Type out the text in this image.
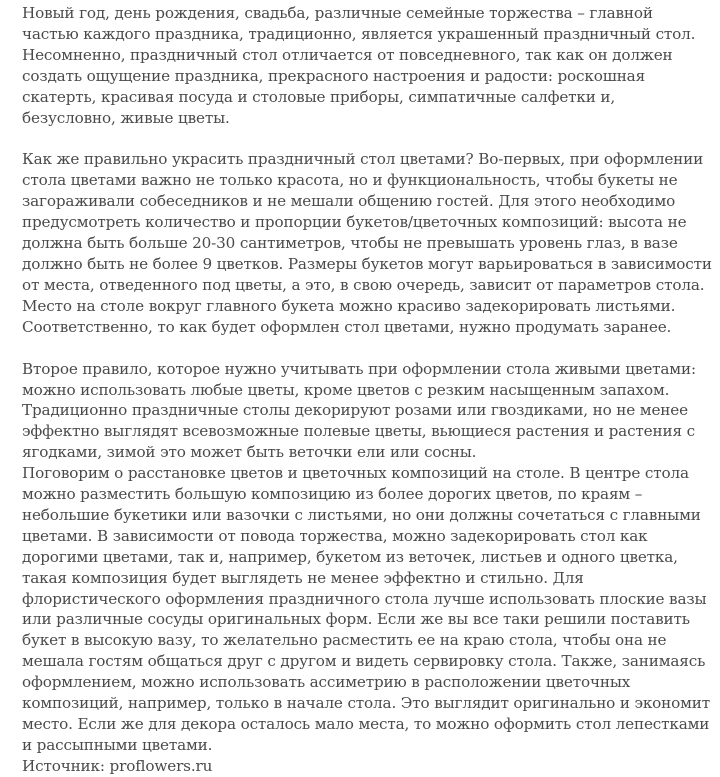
Новый год, день рождения, свадьба, различные семейные торжества – главной частью каждого праздника, традиционно, является украшенный праздничный стол. Несомненно, праздничный стол отличается от повседневного, так как он должен создать ощущение праздника, прекрасного настроения и радости: роскошная скатерть, красивая посуда и столовые приборы, симпатичные салфетки и, безусловно, живые цветы.

Как же правильно украсить праздничный стол цветами? Во-первых, при оформлении стола цветами важно не только красота, но и функциональность, чтобы букеты не загораживали собеседников и не мешали общению гостей. Для этого необходимо предусмотреть количество и пропорции букетов/цветочных композиций: высота не должна быть больше 20-30 сантиметров, чтобы не превышать уровень глаз, в вазе должно быть не более 9 цветков. Размеры букетов могут варьироваться в зависимости от места, отведенного под цветы, а это, в свою очередь, зависит от параметров стола. Место на столе вокруг главного букета можно красиво задекорировать листьями.

Соответственно, то как будет оформлен стол цветами, нужно продумать заранее.

Второе правило, которое нужно учитывать при оформлении стола живыми цветами: можно использовать любые цветы, кроме цветов с резким насыщенным запахом. Традиционно праздничные столы декорируют розами или гвоздиками, но не менее эффектно выглядят всевозможные полевые цветы, вьющиеся растения и растения с ягодками, зимой это может быть веточки ели или сосны.

Поговорим о расстановке цветов и цветочных композиций на столе. В центре стола можно разместить большую композицию из более дорогих цветов, по краям – небольшие букетики или вазочки с листьями, но они должны сочетаться с главными цветами. В зависимости от повода торжества, можно задекорировать стол как дорогими цветами, так и, например, букетом из веточек, листьев и одного цветка, такая композиция будет выглядеть не менее эффектно и стильно. Для флористического оформления праздничного стола лучше использовать плоские вазы или различные сосуды оригинальных форм. Если же вы все таки решили поставить букет в высокую вазу, то желательно расместить ее на краю стола, чтобы она не мешала гостям общаться друг с другом и видеть сервировку стола. Также, занимаясь оформлением, можно использовать ассиметрию в расположении цветочных композиций, например, только в начале стола. Это выглядит оригинально и экономит место. Если же для декора осталось мало места, то можно оформить стол лепестками и рассыпными цветами.

Источник: proflowers.ru
